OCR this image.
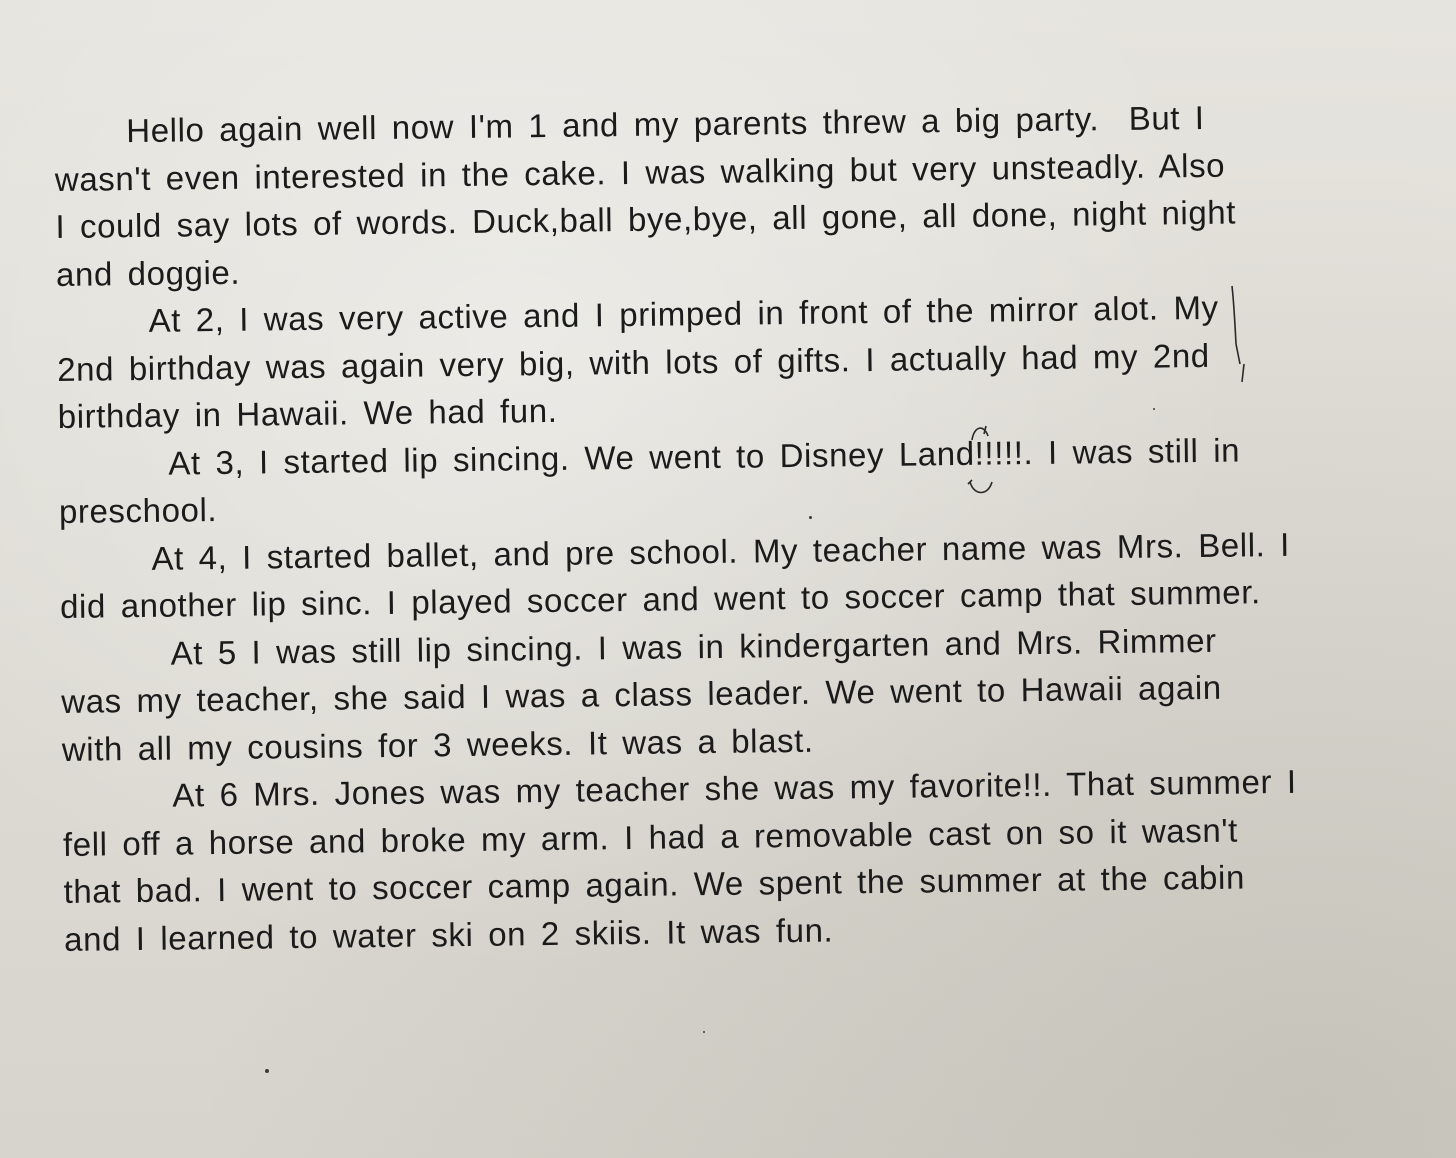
Hello again well now I'm 1 and my parents threw a big party.  But I
wasn't even interested in the cake. I was walking but very unsteadly. Also
I could say lots of words. Duck,ball bye,bye, all gone, all done, night night
and doggie.
At 2, I was very active and I primped in front of the mirror alot. My
2nd birthday was again very big, with lots of gifts. I actually had my 2nd
birthday in Hawaii. We had fun.
At 3, I started lip sincing. We went to Disney Land!!!!!. I was still in
preschool.
At 4, I started ballet, and pre school. My teacher name was Mrs. Bell. I
did another lip sinc. I played soccer and went to soccer camp that summer.
At 5 I was still lip sincing. I was in kindergarten and Mrs. Rimmer
was my teacher, she said I was a class leader. We went to Hawaii again
with all my cousins for 3 weeks. It was a blast.
At 6 Mrs. Jones was my teacher she was my favorite!!. That summer I
fell off a horse and broke my arm. I had a removable cast on so it wasn't
that bad. I went to soccer camp again. We spent the summer at the cabin
and I learned to water ski on 2 skiis. It was fun.
